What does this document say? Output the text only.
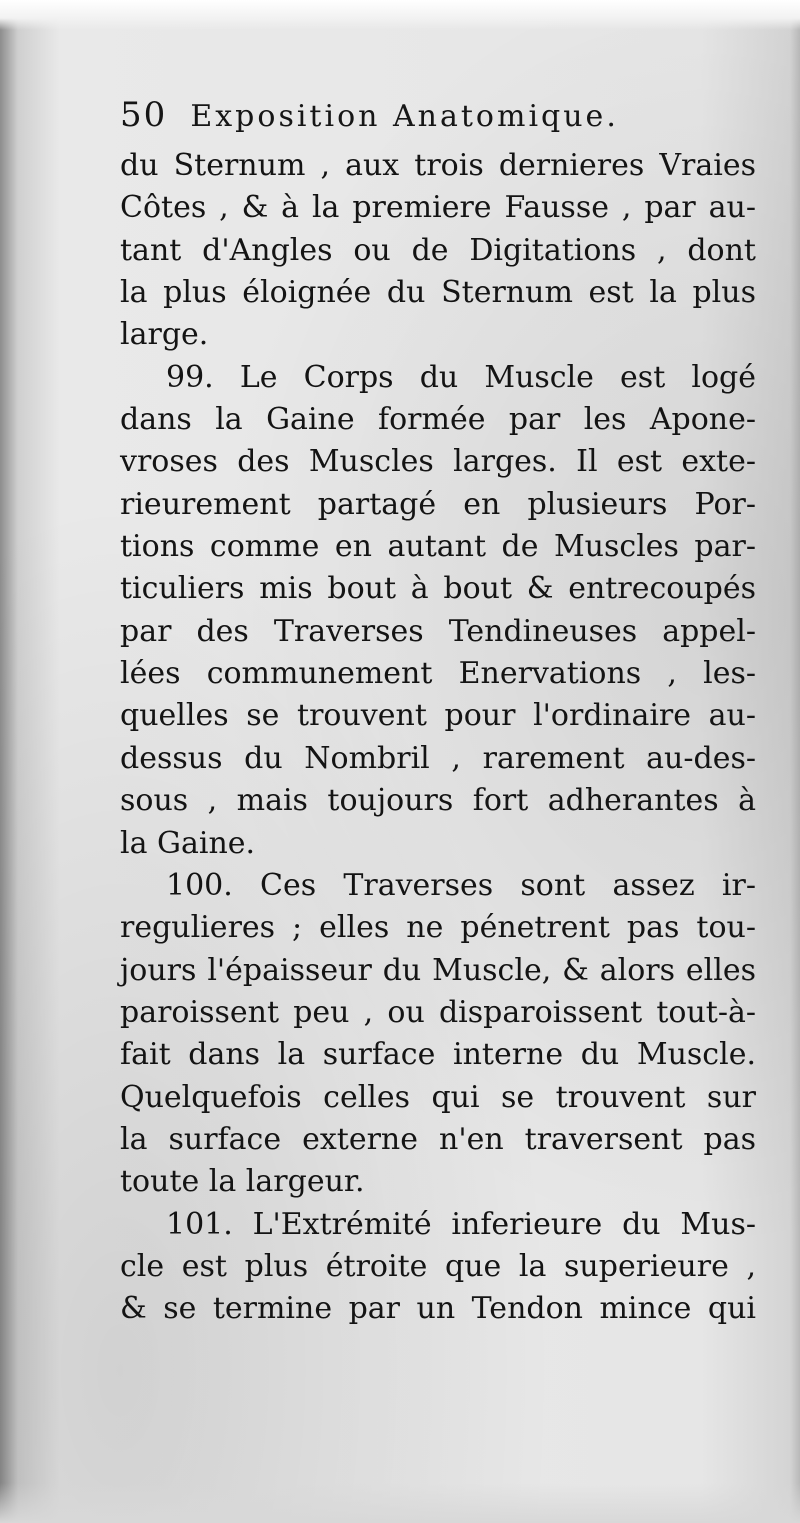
50 Exposition Anatomique.
du Sternum , aux trois dernieres Vraies
Côtes , & à la premiere Fausse , par au-
tant d'Angles ou de Digitations , dont
la plus éloignée du Sternum est la plus
large.
99. Le Corps du Muscle est logé
dans la Gaine formée par les Apone-
vroses des Muscles larges. Il est exte-
rieurement partagé en plusieurs Por-
tions comme en autant de Muscles par-
ticuliers mis bout à bout & entrecoupés
par des Traverses Tendineuses appel-
lées communement Enervations , les-
quelles se trouvent pour l'ordinaire au-
dessus du Nombril , rarement au-des-
sous , mais toujours fort adherantes à
la Gaine.
100. Ces Traverses sont assez ir-
regulieres ; elles ne pénetrent pas tou-
jours l'épaisseur du Muscle, & alors elles
paroissent peu , ou disparoissent tout-à-
fait dans la surface interne du Muscle.
Quelquefois celles qui se trouvent sur
la surface externe n'en traversent pas
toute la largeur.
101. L'Extrémité inferieure du Mus-
cle est plus étroite que la superieure ,
& se termine par un Tendon mince qui
